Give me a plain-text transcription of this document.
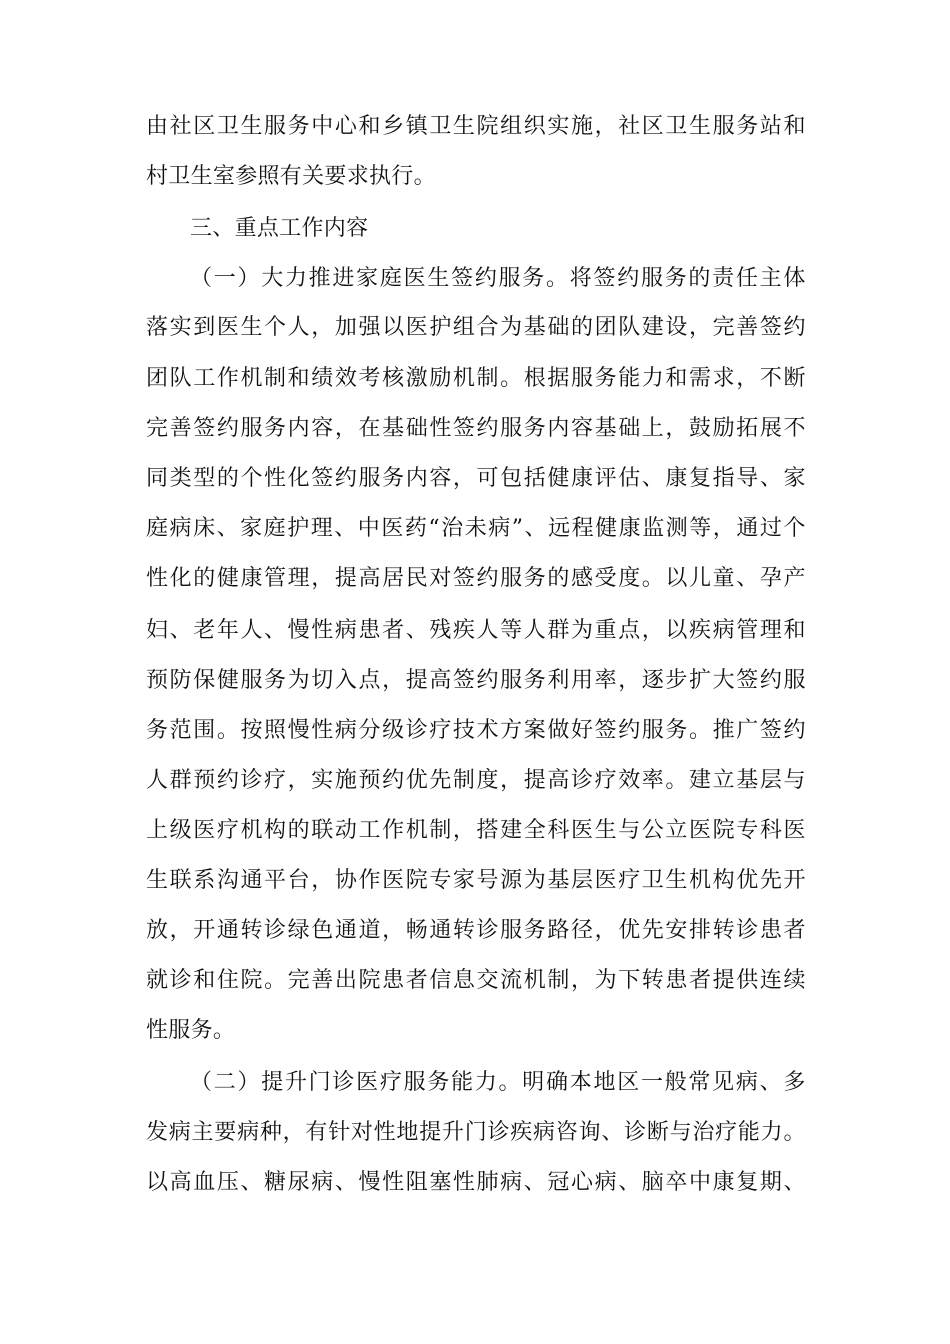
由 社 区 卫 生 服 务 中 心 和 乡 镇 卫 生 院 组 织 实 施 ， 社 区 卫 生 服 务 站 和
村卫生室参照有关要求执行。
三、重点工作内容
（ 一 ） 大 力 推 进 家 庭 医 生 签 约 服 务 。 将 签 约 服 务 的 责 任 主 体
落 实 到 医 生 个 人 ， 加 强 以 医 护 组 合 为 基 础 的 团 队 建 设 ， 完 善 签 约
团 队 工 作 机 制 和 绩 效 考 核 激 励 机 制 。 根 据 服 务 能 力 和 需 求 ， 不 断
完 善 签 约 服 务 内 容 ， 在 基 础 性 签 约 服 务 内 容 基 础 上 ， 鼓 励 拓 展 不
同 类 型 的 个 性 化 签 约 服 务 内 容 ， 可 包 括 健 康 评 估 、 康 复 指 导 、 家
庭 病 床 、 家 庭 护 理 、 中 医 药 “ 治 未 病 ” 、 远 程 健 康 监 测 等 ， 通 过 个
性 化 的 健 康 管 理 ， 提 高 居 民 对 签 约 服 务 的 感 受 度 。 以 儿 童 、 孕 产
妇 、 老 年 人 、 慢 性 病 患 者 、 残 疾 人 等 人 群 为 重 点 ， 以 疾 病 管 理 和
预 防 保 健 服 务 为 切 入 点 ， 提 高 签 约 服 务 利 用 率 ， 逐 步 扩 大 签 约 服
务 范 围 。 按 照 慢 性 病 分 级 诊 疗 技 术 方 案 做 好 签 约 服 务 。 推 广 签 约
人 群 预 约 诊 疗 ， 实 施 预 约 优 先 制 度 ， 提 高 诊 疗 效 率 。 建 立 基 层 与
上 级 医 疗 机 构 的 联 动 工 作 机 制 ， 搭 建 全 科 医 生 与 公 立 医 院 专 科 医
生 联 系 沟 通 平 台 ， 协 作 医 院 专 家 号 源 为 基 层 医 疗 卫 生 机 构 优 先 开
放 ， 开 通 转 诊 绿 色 通 道 ， 畅 通 转 诊 服 务 路 径 ， 优 先 安 排 转 诊 患 者
就 诊 和 住 院 。 完 善 出 院 患 者 信 息 交 流 机 制 ， 为 下 转 患 者 提 供 连 续
性服务。
（ 二 ） 提 升 门 诊 医 疗 服 务 能 力 。 明 确 本 地 区 一 般 常 见 病 、 多
发 病 主 要 病 种 ， 有 针 对 性 地 提 升 门 诊 疾 病 咨 询 、 诊 断 与 治 疗 能 力 。
以 高 血 压 、 糖 尿 病 、 慢 性 阻 塞 性 肺 病 、 冠 心 病 、 脑 卒 中 康 复 期 、
